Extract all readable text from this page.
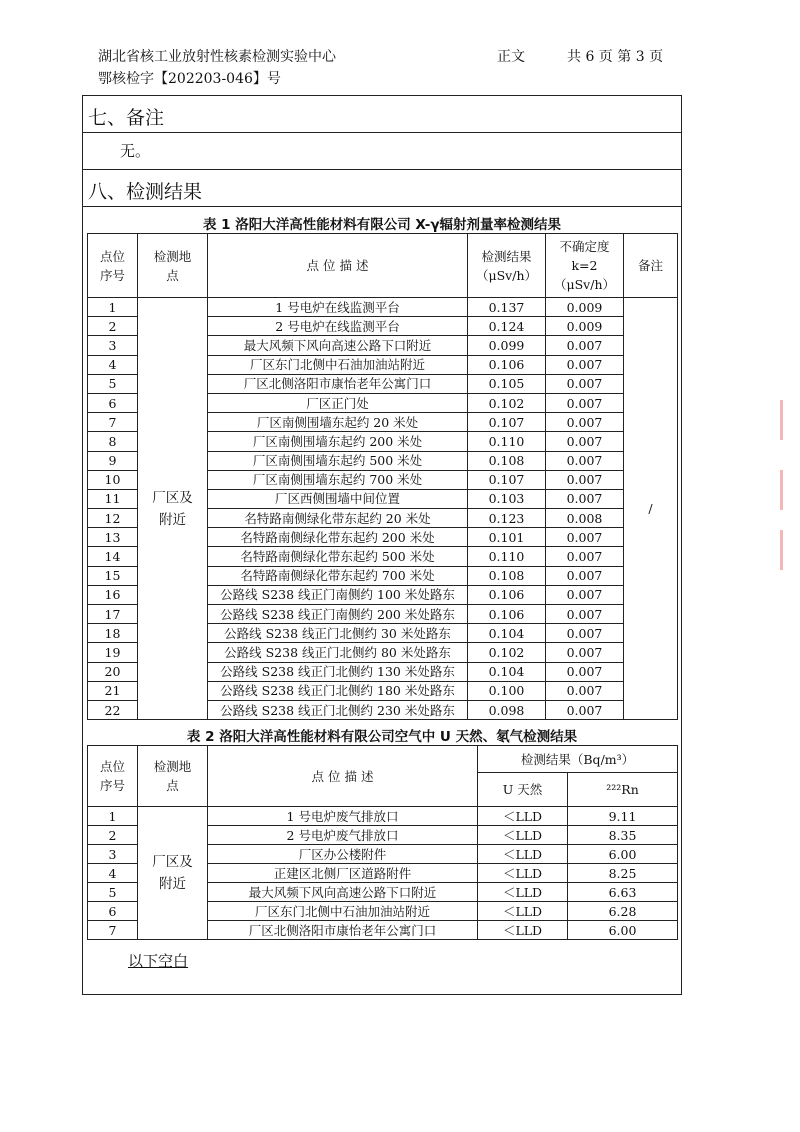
湖北省核工业放射性核素检测实验中心
鄂核检字【202203-046】号
正文	共 6 页 第 3 页
七、备注
无。
八、检测结果
表 1 洛阳大洋高性能材料有限公司 X-γ辐射剂量率检测结果
点位序号	检测地点	点 位 描 述	检测结果（μSv/h）	不确定度 k=2（μSv/h）	备注
1	厂区及附近	1 号电炉在线监测平台	0.137	0.009	/
2		2 号电炉在线监测平台	0.124	0.009	
3		最大风频下风向高速公路下口附近	0.099	0.007	
4		厂区东门北侧中石油加油站附近	0.106	0.007	
5		厂区北侧洛阳市康怡老年公寓门口	0.105	0.007	
6		厂区正门处	0.102	0.007	
7		厂区南侧围墙东起约 20 米处	0.107	0.007	
8		厂区南侧围墙东起约 200 米处	0.110	0.007	
9		厂区南侧围墙东起约 500 米处	0.108	0.007	
10		厂区南侧围墙东起约 700 米处	0.107	0.007	
11		厂区西侧围墙中间位置	0.103	0.007	
12		名特路南侧绿化带东起约 20 米处	0.123	0.008	
13		名特路南侧绿化带东起约 200 米处	0.101	0.007	
14		名特路南侧绿化带东起约 500 米处	0.110	0.007	
15		名特路南侧绿化带东起约 700 米处	0.108	0.007	
16		公路线 S238 线正门南侧约 100 米处路东	0.106	0.007	
17		公路线 S238 线正门南侧约 200 米处路东	0.106	0.007	
18		公路线 S238 线正门北侧约 30 米处路东	0.104	0.007	
19		公路线 S238 线正门北侧约 80 米处路东	0.102	0.007	
20		公路线 S238 线正门北侧约 130 米处路东	0.104	0.007	
21		公路线 S238 线正门北侧约 180 米处路东	0.100	0.007	
22		公路线 S238 线正门北侧约 230 米处路东	0.098	0.007	
表 2 洛阳大洋高性能材料有限公司空气中 U 天然、氡气检测结果
点位序号	检测地点	点 位 描 述	检测结果（Bq/m³）	
			U 天然	²²²Rn
1	厂区及附近	1 号电炉废气排放口	＜LLD	9.11
2		2 号电炉废气排放口	＜LLD	8.35
3		厂区办公楼附件	＜LLD	6.00
4		正建区北侧厂区道路附件	＜LLD	8.25
5		最大风频下风向高速公路下口附近	＜LLD	6.63
6		厂区东门北侧中石油加油站附近	＜LLD	6.28
7		厂区北侧洛阳市康怡老年公寓门口	＜LLD	6.00
以下空白
